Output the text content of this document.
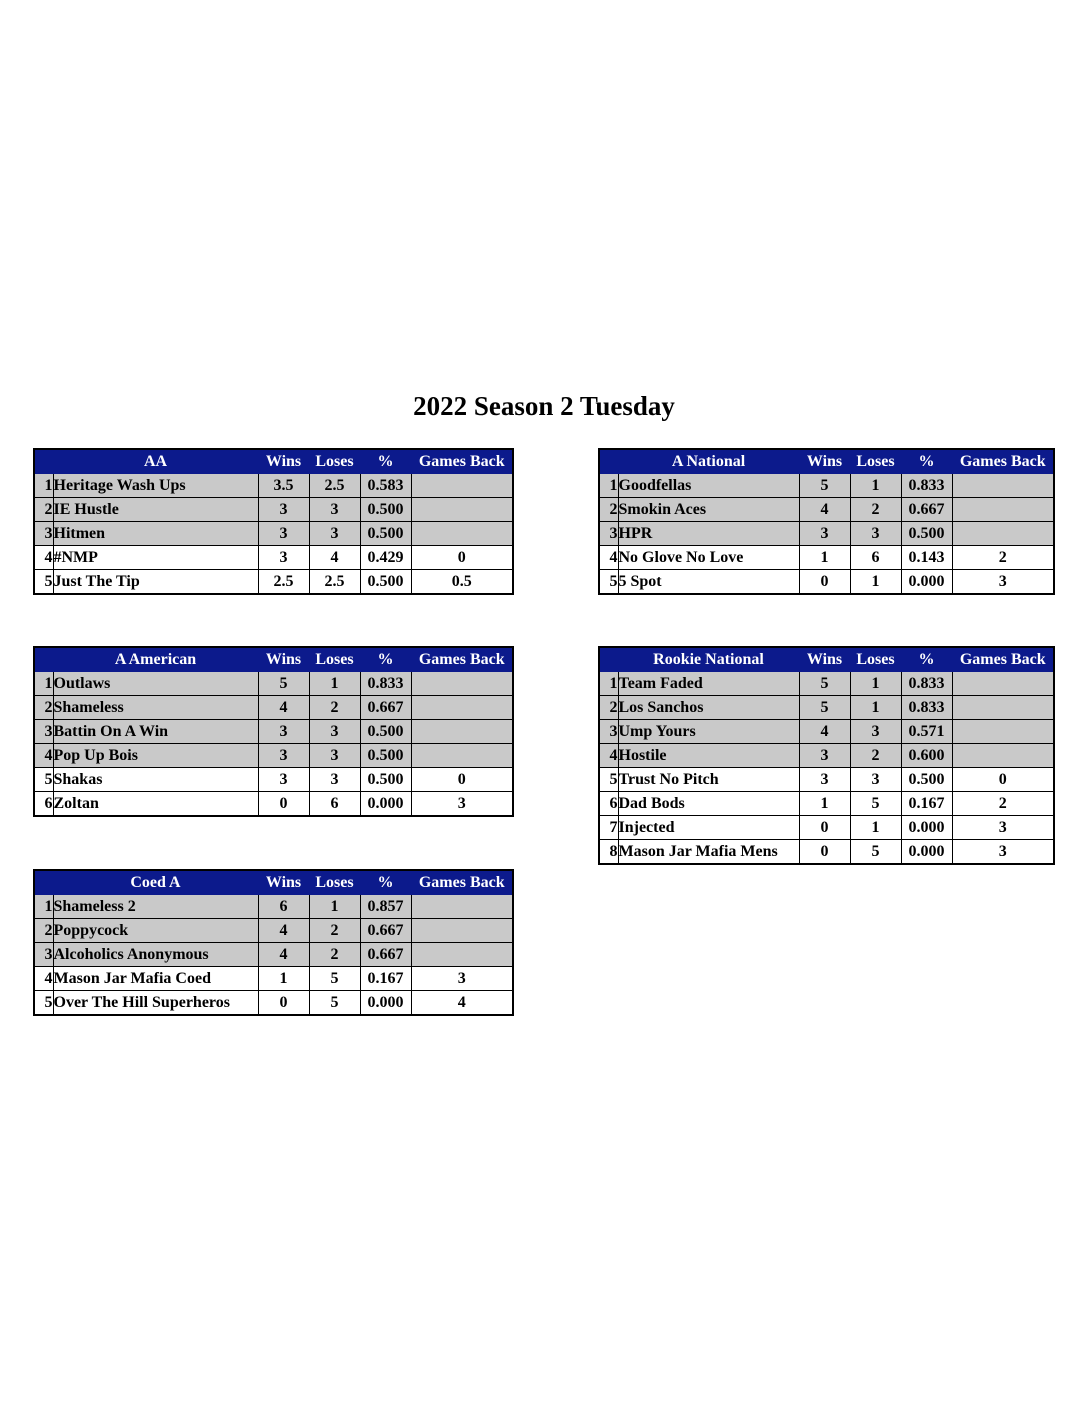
2022 Season 2 Tuesday
	AA	Wins	Loses	%	Games Back
1	Heritage Wash Ups	3.5	2.5	0.583	
2	IE Hustle	3	3	0.500	
3	Hitmen	3	3	0.500	
4	#NMP	3	4	0.429	0
5	Just The Tip	2.5	2.5	0.500	0.5
	A National	Wins	Loses	%	Games Back
1	Goodfellas	5	1	0.833	
2	Smokin Aces	4	2	0.667	
3	HPR	3	3	0.500	
4	No Glove No Love	1	6	0.143	2
5	5 Spot	0	1	0.000	3
	A American	Wins	Loses	%	Games Back
1	Outlaws	5	1	0.833	
2	Shameless	4	2	0.667	
3	Battin On A Win	3	3	0.500	
4	Pop Up Bois	3	3	0.500	
5	Shakas	3	3	0.500	0
6	Zoltan	0	6	0.000	3
	Rookie National	Wins	Loses	%	Games Back
1	Team Faded	5	1	0.833	
2	Los Sanchos	5	1	0.833	
3	Ump Yours	4	3	0.571	
4	Hostile	3	2	0.600	
5	Trust No Pitch	3	3	0.500	0
6	Dad Bods	1	5	0.167	2
7	Injected	0	1	0.000	3
8	Mason Jar Mafia Mens	0	5	0.000	3
	Coed A	Wins	Loses	%	Games Back
1	Shameless 2	6	1	0.857	
2	Poppycock	4	2	0.667	
3	Alcoholics Anonymous	4	2	0.667	
4	Mason Jar Mafia Coed	1	5	0.167	3
5	Over The Hill Superheros	0	5	0.000	4
